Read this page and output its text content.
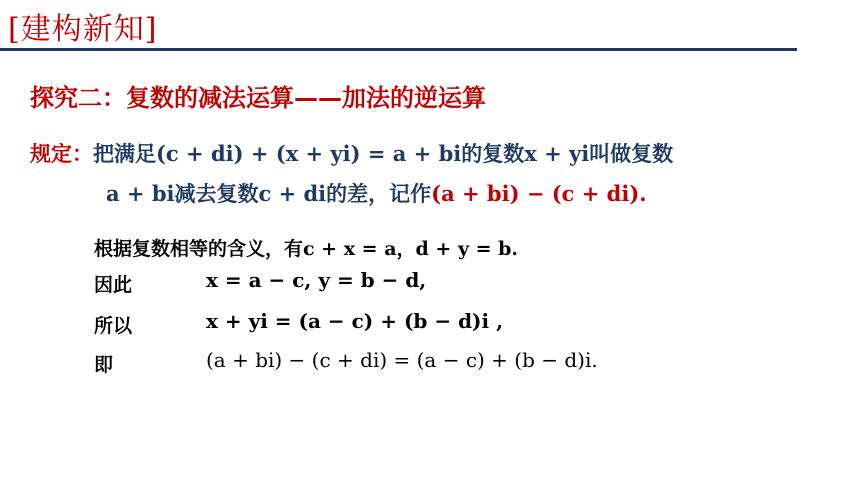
[建构新知]
探究二：复数的减法运算——加法的逆运算
规定：把满足(c + di) + (x + yi) = a + bi的复数x + yi叫做复数
a + bi减去复数c + di的差，记作(a + bi) − (c + di).
根据复数相等的含义，有c + x = a，d + y = b.
因此	x = a − c, y = b − d,
所以	x + yi = (a − c) + (b − d)i ,
即	(a + bi) − (c + di) = (a − c) + (b − d)i.
